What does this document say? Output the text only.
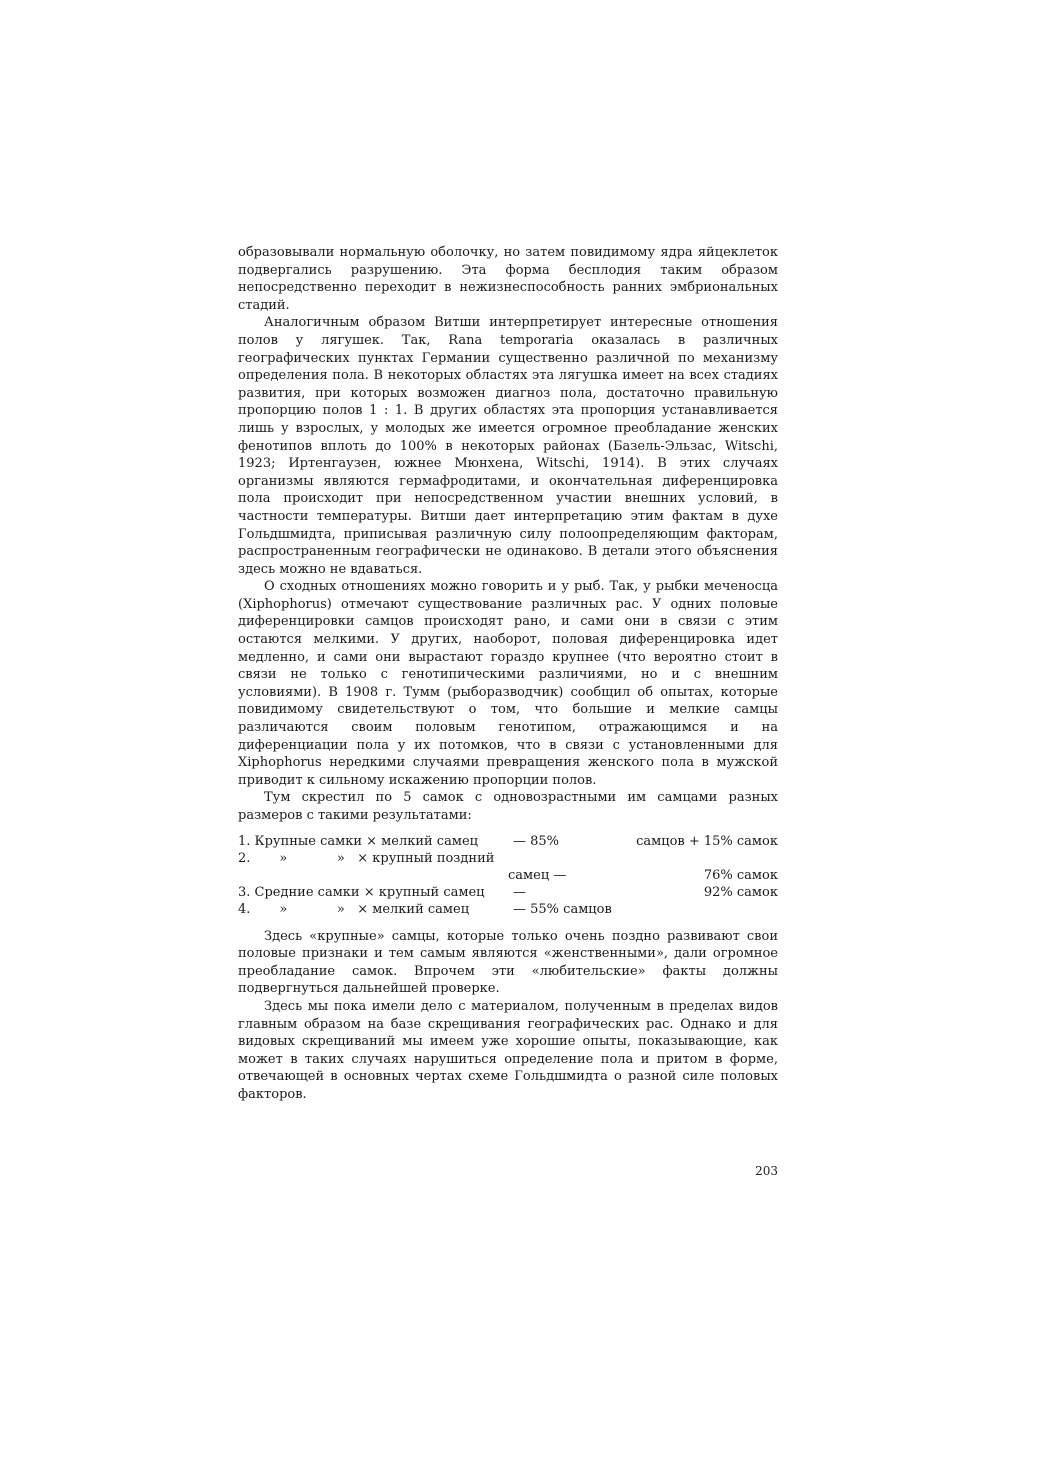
образовывали нормальную оболочку, но затем повидимому ядра яйцеклеток подвергались разрушению. Эта форма бесплодия таким образом непосредственно переходит в нежизнеспособность ранних эмбриональных стадий.

Аналогичным образом Витши интерпретирует интересные отношения полов у лягушек. Так, Rana temporaria оказалась в различных географических пунктах Германии существенно различной по механизму определения пола. В некоторых областях эта лягушка имеет на всех стадиях развития, при которых возможен диагноз пола, достаточно правильную пропорцию полов 1 : 1. В других областях эта пропорция устанавливается лишь у взрослых, у молодых же имеется огромное преобладание женских фенотипов вплоть до 100% в некоторых районах (Базель-Эльзас, Witschi, 1923; Иртенгаузен, южнее Мюнхена, Witschi, 1914). В этих случаях организмы являются гермафродитами, и окончательная диференцировка пола происходит при непосредственном участии внешних условий, в частности температуры. Витши дает интерпретацию этим фактам в духе Гольдшмидта, приписывая различную силу полоопределяющим факторам, распространенным географически не одинаково. В детали этого объяснения здесь можно не вдаваться.

О сходных отношениях можно говорить и у рыб. Так, у рыбки меченосца (Xiphophorus) отмечают существование различных рас. У одних половые диференцировки самцов происходят рано, и сами они в связи с этим остаются мелкими. У других, наоборот, половая диференцировка идет медленно, и сами они вырастают гораздо крупнее (что вероятно стоит в связи не только с генотипическими различиями, но и с внешним условиями). В 1908 г. Тумм (рыборазводчик) сообщил об опытах, которые повидимому свидетельствуют о том, что большие и мелкие самцы различаются своим половым генотипом, отражающимся и на диференциации пола у их потомков, что в связи с установленными для Xiphophorus нередкими случаями превращения женского пола в мужской приводит к сильному искажению пропорции полов.

Тум скрестил по 5 самок с одновозрастными им самцами разных размеров с такими результатами:

1. Крупные самки × мелкий самец	— 85%	самцов + 15% самок
2.       »            »   × крупный поздний
самец —	76% самок
3. Средние самки × крупный самец	—	92% самок
4.       »            »   × мелкий самец	— 55% самцов

Здесь «крупные» самцы, которые только очень поздно развивают свои половые признаки и тем самым являются «женственными», дали огромное преобладание самок. Впрочем эти «любительские» факты должны подвергнуться дальнейшей проверке.

Здесь мы пока имели дело с материалом, полученным в пределах видов главным образом на базе скрещивания географических рас. Однако и для видовых скрещиваний мы имеем уже хорошие опыты, показывающие, как может в таких случаях нарушиться определение пола и притом в форме, отвечающей в основных чертах схеме Гольдшмидта о разной силе половых факторов.

203
